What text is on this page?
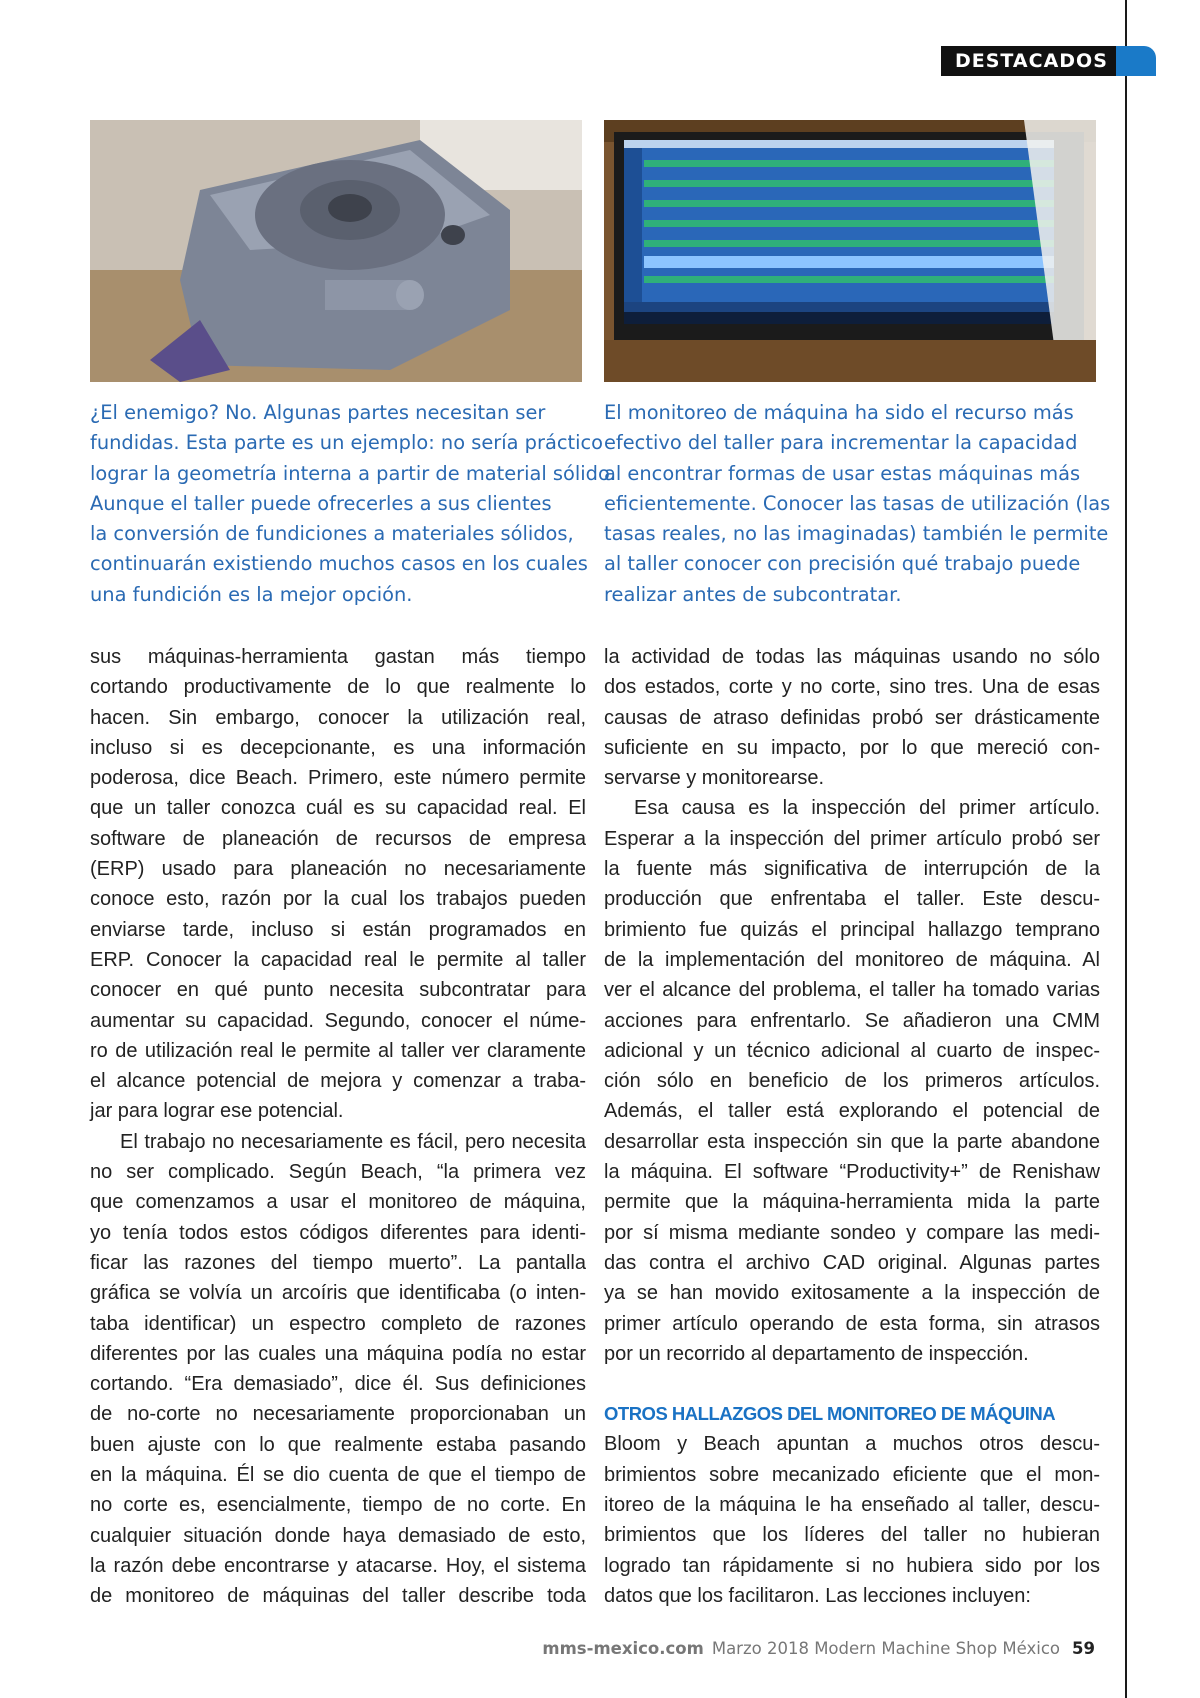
DESTACADOS
¿El enemigo? No. Algunas partes necesitan ser
fundidas. Esta parte es un ejemplo: no sería práctico
lograr la geometría interna a partir de material sólido.
Aunque el taller puede ofrecerles a sus clientes
la conversión de fundiciones a materiales sólidos,
continuarán existiendo muchos casos en los cuales
una fundición es la mejor opción.
El monitoreo de máquina ha sido el recurso más
efectivo del taller para incrementar la capacidad
al encontrar formas de usar estas máquinas más
eficientemente. Conocer las tasas de utilización (las
tasas reales, no las imaginadas) también le permite
al taller conocer con precisión qué trabajo puede
realizar antes de subcontratar.
sus máquinas-herramienta gastan más tiempo
cortando productivamente de lo que realmente lo
hacen. Sin embargo, conocer la utilización real,
incluso si es decepcionante, es una información
poderosa, dice Beach. Primero, este número permite
que un taller conozca cuál es su capacidad real. El
software de planeación de recursos de empresa
(ERP) usado para planeación no necesariamente
conoce esto, razón por la cual los trabajos pueden
enviarse tarde, incluso si están programados en
ERP. Conocer la capacidad real le permite al taller
conocer en qué punto necesita subcontratar para
aumentar su capacidad. Segundo, conocer el núme-
ro de utilización real le permite al taller ver claramente
el alcance potencial de mejora y comenzar a traba-
jar para lograr ese potencial.
El trabajo no necesariamente es fácil, pero necesita
no ser complicado. Según Beach, “la primera vez
que comenzamos a usar el monitoreo de máquina,
yo tenía todos estos códigos diferentes para identi-
ficar las razones del tiempo muerto”. La pantalla
gráfica se volvía un arcoíris que identificaba (o inten-
taba identificar) un espectro completo de razones
diferentes por las cuales una máquina podía no estar
cortando. “Era demasiado”, dice él. Sus definiciones
de no-corte no necesariamente proporcionaban un
buen ajuste con lo que realmente estaba pasando
en la máquina. Él se dio cuenta de que el tiempo de
no corte es, esencialmente, tiempo de no corte. En
cualquier situación donde haya demasiado de esto,
la razón debe encontrarse y atacarse. Hoy, el sistema
de monitoreo de máquinas del taller describe toda
la actividad de todas las máquinas usando no sólo
dos estados, corte y no corte, sino tres. Una de esas
causas de atraso definidas probó ser drásticamente
suficiente en su impacto, por lo que mereció con-
servarse y monitorearse.
Esa causa es la inspección del primer artículo.
Esperar a la inspección del primer artículo probó ser
la fuente más significativa de interrupción de la
producción que enfrentaba el taller. Este descu-
brimiento fue quizás el principal hallazgo temprano
de la implementación del monitoreo de máquina. Al
ver el alcance del problema, el taller ha tomado varias
acciones para enfrentarlo. Se añadieron una CMM
adicional y un técnico adicional al cuarto de inspec-
ción sólo en beneficio de los primeros artículos.
Además, el taller está explorando el potencial de
desarrollar esta inspección sin que la parte abandone
la máquina. El software “Productivity+” de Renishaw
permite que la máquina-herramienta mida la parte
por sí misma mediante sondeo y compare las medi-
das contra el archivo CAD original. Algunas partes
ya se han movido exitosamente a la inspección de
primer artículo operando de esta forma, sin atrasos
por un recorrido al departamento de inspección.
OTROS HALLAZGOS DEL MONITOREO DE MÁQUINA
Bloom y Beach apuntan a muchos otros descu-
brimientos sobre mecanizado eficiente que el mon-
itoreo de la máquina le ha enseñado al taller, descu-
brimientos que los líderes del taller no hubieran
logrado tan rápidamente si no hubiera sido por los
datos que los facilitaron. Las lecciones incluyen:
mms-mexico.com Marzo 2018 Modern Machine Shop México 59
